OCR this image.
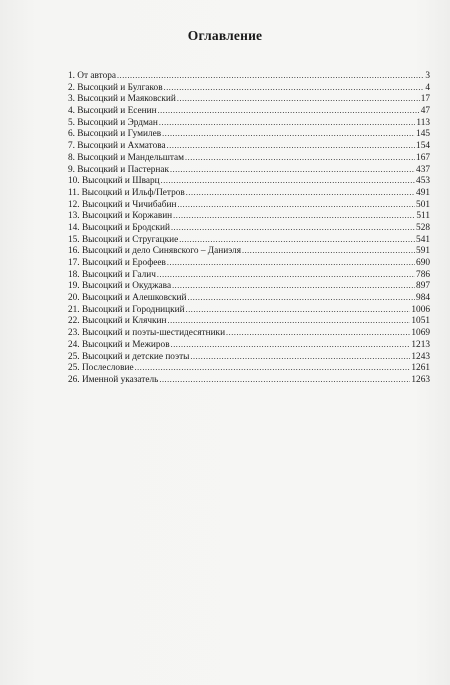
Оглавление
1. От автора .....	3
2. Высоцкий и Булгаков .....	4
3. Высоцкий и Маяковский .....	17
4. Высоцкий и Есенин .....	47
5. Высоцкий и Эрдман .....	113
6. Высоцкий и Гумилев .....	145
7. Высоцкий и Ахматова .....	154
8. Высоцкий и Мандельштам .....	167
9. Высоцкий и Пастернак .....	437
10. Высоцкий и Шварц .....	453
11. Высоцкий и Ильф/Петров .....	491
12. Высоцкий и Чичибабин .....	501
13. Высоцкий и Коржавин .....	511
14. Высоцкий и Бродский .....	528
15. Высоцкий и Стругацкие .....	541
16. Высоцкий и дело Синявского – Даниэля .....	591
17. Высоцкий и Ерофеев .....	690
18. Высоцкий и Галич .....	786
19. Высоцкий и Окуджава .....	897
20. Высоцкий и Алешковский .....	984
21. Высоцкий и Городницкий .....	1006
22. Высоцкий и Клячкин .....	1051
23. Высоцкий и поэты-шестидесятники .....	1069
24. Высоцкий и Межиров .....	1213
25. Высоцкий и детские поэты .....	1243
25. Послесловие .....	1261
26. Именной указатель .....	1263
